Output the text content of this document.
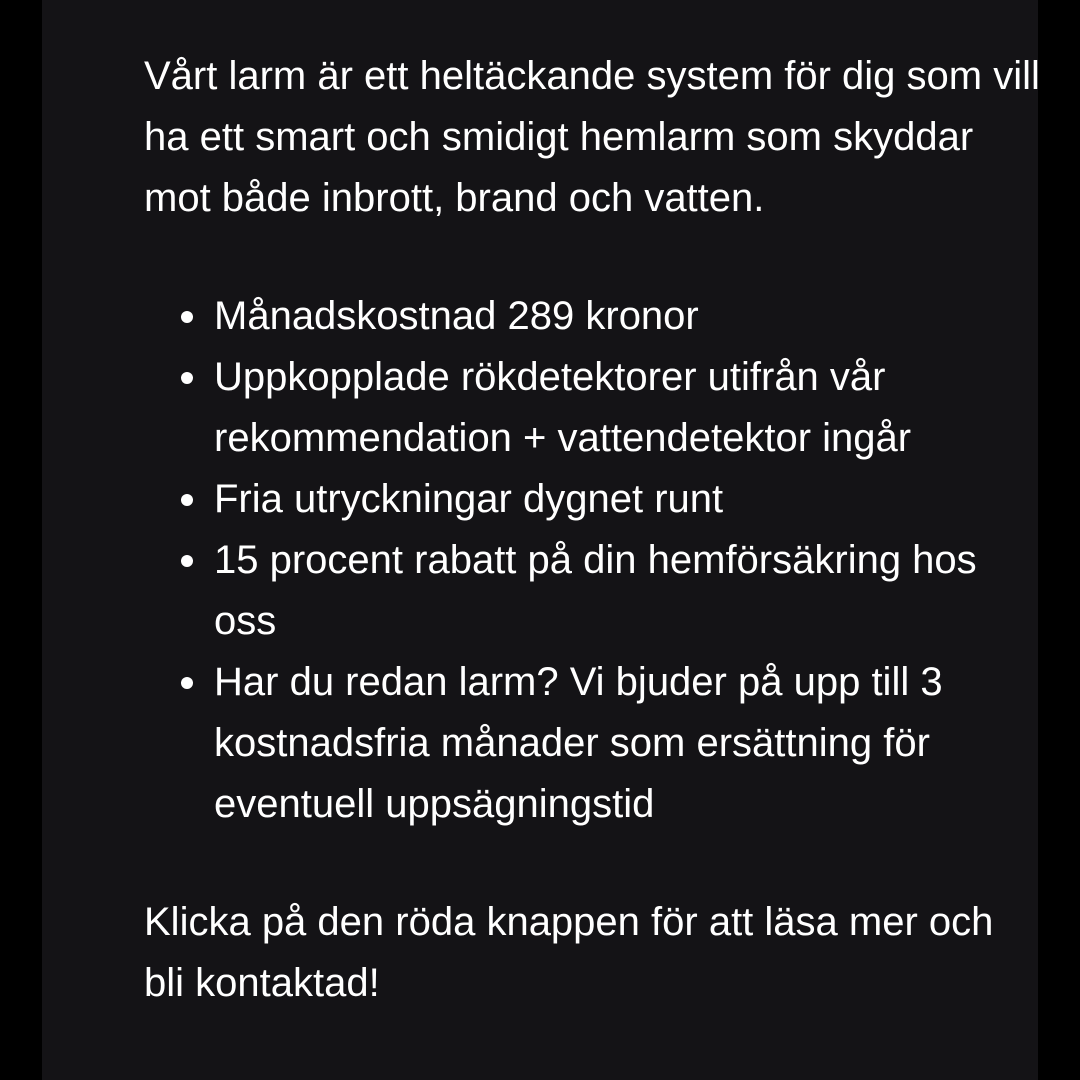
Vårt larm är ett heltäckande system för dig som vill ha ett smart och smidigt hemlarm som skyddar mot både inbrott, brand och vatten.

Månadskostnad 289 kronor
Uppkopplade rökdetektorer utifrån vår rekommendation + vattendetektor ingår
Fria utryckningar dygnet runt
15 procent rabatt på din hemförsäkring hos oss
Har du redan larm? Vi bjuder på upp till 3 kostnadsfria månader som ersättning för eventuell uppsägningstid

Klicka på den röda knappen för att läsa mer och bli kontaktad!
